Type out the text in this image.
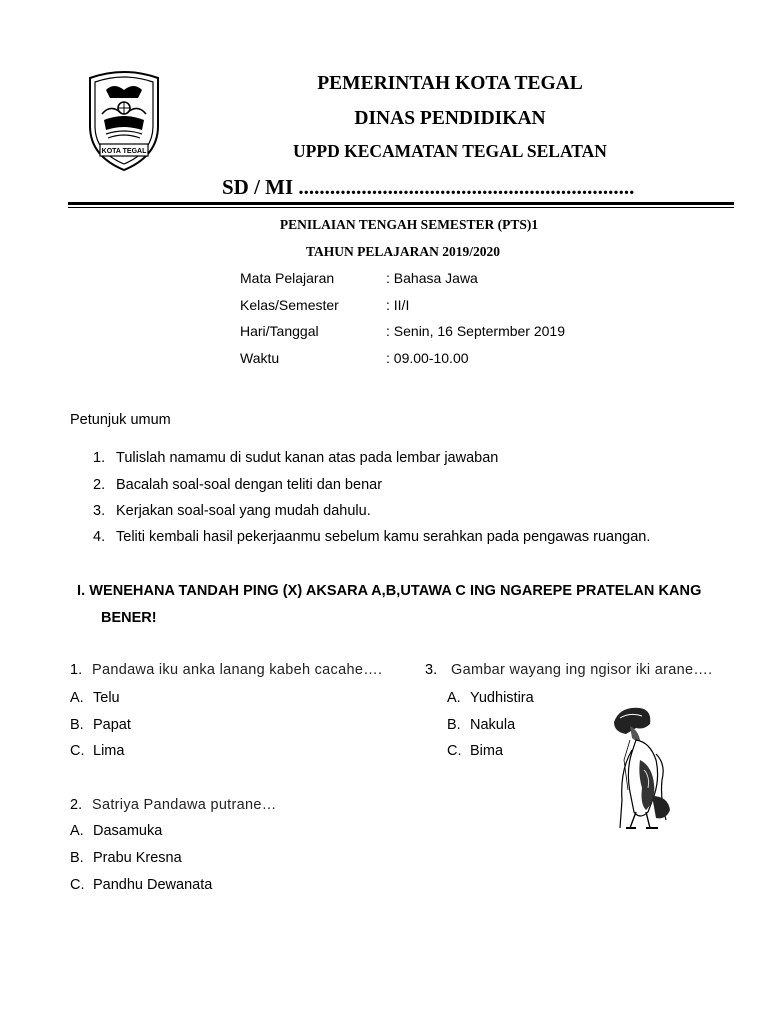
KOTA TEGAL
PEMERINTAH KOTA TEGAL
DINAS PENDIDIKAN
UPPD KECAMATAN TEGAL SELATAN
SD / MI ................................................................
PENILAIAN TENGAH SEMESTER (PTS)1
TAHUN PELAJARAN 2019/2020
Mata Pelajaran	: Bahasa Jawa
Kelas/Semester	: II/I
Hari/Tanggal	: Senin, 16 Septermber 2019
Waktu	: 09.00-10.00
Petunjuk umum
1. Tulislah namamu di sudut kanan atas pada lembar jawaban
2. Bacalah soal-soal dengan teliti dan benar
3. Kerjakan soal-soal yang mudah dahulu.
4. Teliti kembali hasil pekerjaanmu sebelum kamu serahkan pada pengawas ruangan.
I. WENEHANA TANDAH PING (X) AKSARA A,B,UTAWA C ING NGAREPE PRATELAN KANG
BENER!
1. Pandawa iku anka lanang kabeh cacahe….
A. Telu
B. Papat
C. Lima
2. Satriya Pandawa putrane…
A. Dasamuka
B. Prabu Kresna
C. Pandhu Dewanata
3. Gambar wayang ing ngisor iki arane….
A. Yudhistira
B. Nakula
C. Bima
